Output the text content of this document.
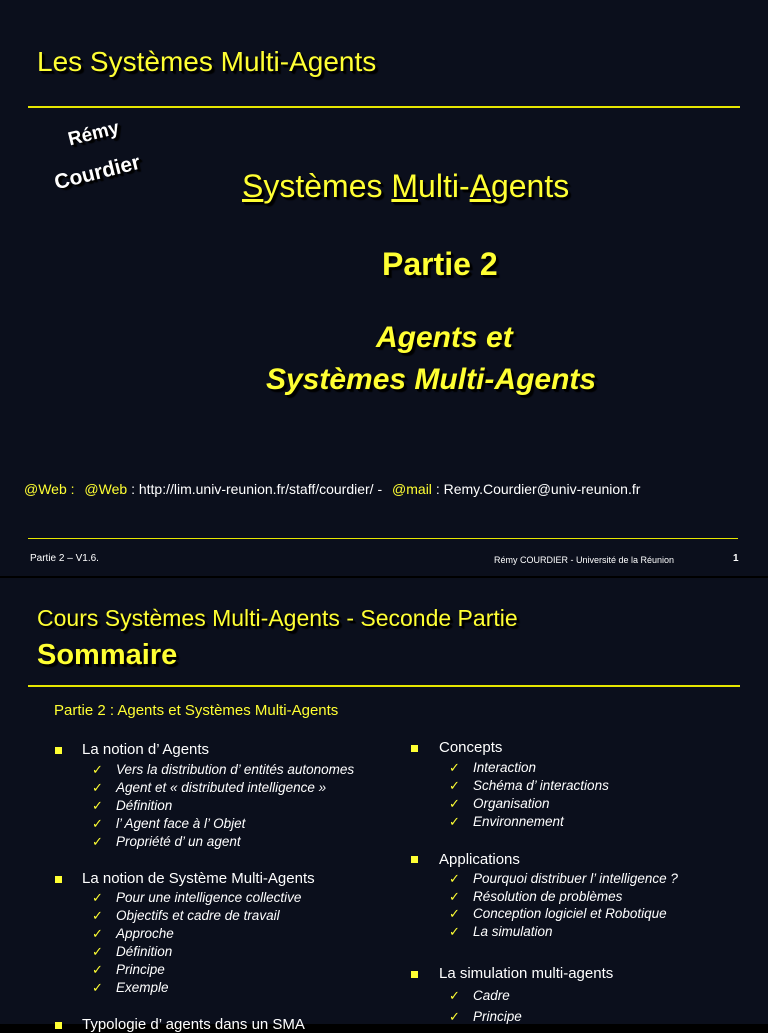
Les Systèmes Multi-Agents
Rémy
Courdier	Systèmes Multi-Agents
Partie 2
Agents et
Systèmes Multi-Agents
@Web : @Web : http://lim.univ-reunion.fr/staff/courdier/ - @mail : Remy.Courdier@univ-reunion.fr
Partie 2 – V1.6.	Rémy COURDIER - Université de la Réunion	1
Cours Systèmes Multi-Agents - Seconde Partie
Sommaire
Partie 2 : Agents et Systèmes Multi-Agents
La notion d’ Agents
✓ Vers la distribution d’ entités autonomes
✓ Agent et « distributed intelligence »
✓ Définition
✓ l’ Agent face à l’ Objet
✓ Propriété d’ un agent
La notion de Système Multi-Agents
✓ Pour une intelligence collective
✓ Objectifs et cadre de travail
✓ Approche
✓ Définition
✓ Principe
✓ Exemple
Typologie d’ agents dans un SMA
Concepts
✓ Interaction
✓ Schéma d’ interactions
✓ Organisation
✓ Environnement
Applications
✓ Pourquoi distribuer l’ intelligence ?
✓ Résolution de problèmes
✓ Conception logiciel et Robotique
✓ La simulation
La simulation multi-agents
✓ Cadre
✓ Principe
